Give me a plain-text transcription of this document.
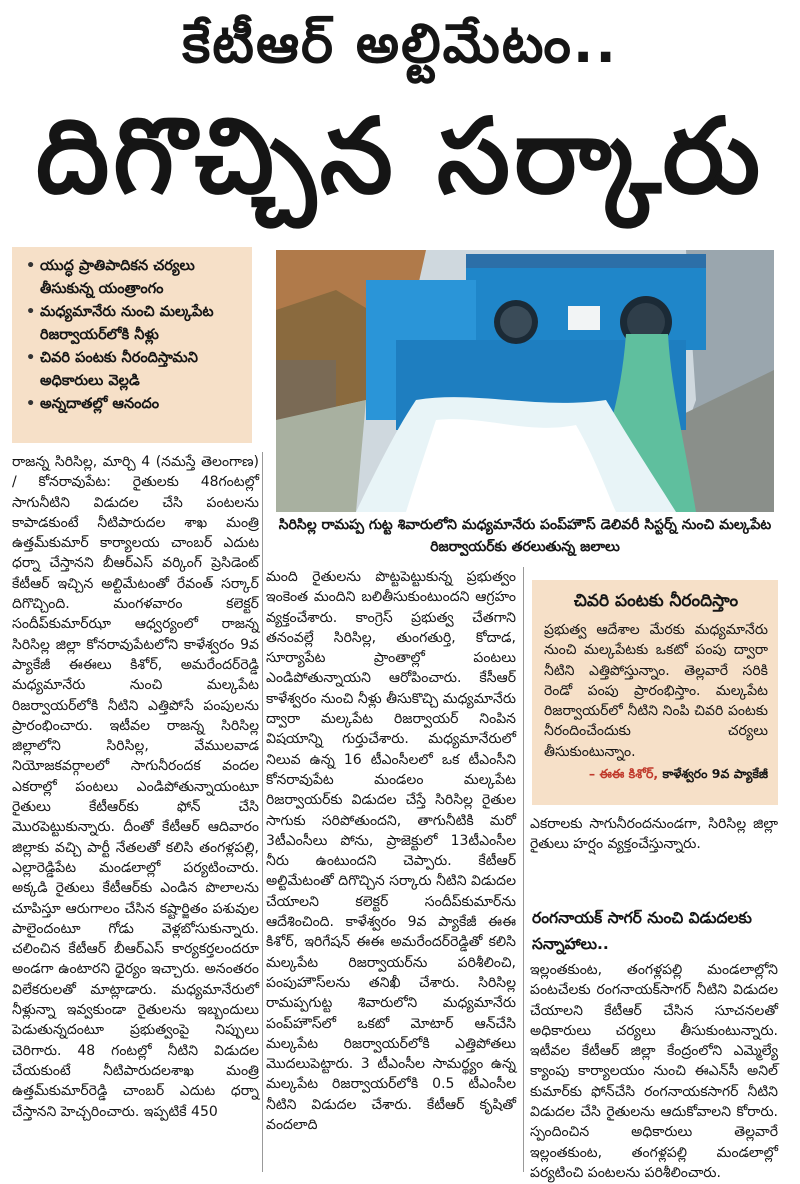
కేటీఆర్ అల్టిమేటం..
దిగొచ్చిన సర్కారు
• యుద్ధ ప్రాతిపాదికన చర్యలు తీసుకున్న యంత్రాంగం
• మధ్యమానేరు నుంచి మల్కపేట రిజర్వాయర్‌లోకి నీళ్లు
• చివరి పంటకు నీరందిస్తామని అధికారులు వెల్లడి
• అన్నదాతల్లో ఆనందం
సిరిసిల్ల రామప్ప గుట్ట శివారులోని మధ్యమానేరు పంప్‌హౌస్ డెలివరీ సిస్టర్న్ నుంచి మల్కపేట రిజర్వాయర్‌కు తరలుతున్న జలాలు

రాజన్న సిరిసిల్ల, మార్చి 4 (నమస్తే తెలంగాణ) / కోనరావుపేట: రైతులకు 48గంటల్లో సాగునీటిని విడుదల చేసి పంటలను కాపాడకుంటే నీటిపారుదల శాఖ మంత్రి ఉత్తమ్‌కుమార్ కార్యాలయ చాంబర్ ఎదుట ధర్నా చేస్తానని బీఆర్‌ఎస్ వర్కింగ్ ప్రెసిడెంట్ కేటీఆర్ ఇచ్చిన అల్టిమేటంతో రేవంత్ సర్కార్ దిగొచ్చింది. మంగళవారం కలెక్టర్ సందీప్‌కుమార్‌ఝా ఆధ్వర్యంలో రాజన్న సిరిసిల్ల జిల్లా కోనరావుపేటలోని కాళేశ్వరం 9వ ప్యాకేజీ ఈఈలు కిశోర్, అమరేందర్‌రెడ్డి మధ్యమానేరు నుంచి మల్కపేట రిజర్వాయర్‌లోకి నీటిని ఎత్తిపోసే పంపులను ప్రారంభించారు. ఇటీవల రాజన్న సిరిసిల్ల జిల్లాలోని సిరిసిల్ల, వేములవాడ నియోజకవర్గాలలో సాగునీరందక వందల ఎకరాల్లో పంటలు ఎండిపోతున్నాయంటూ రైతులు కేటీఆర్‌కు ఫోన్ చేసి మొరపెట్టుకున్నారు. దీంతో కేటీఆర్ ఆదివారం జిల్లాకు వచ్చి పార్టీ నేతలతో కలిసి తంగళ్లపల్లి, ఎల్లారెడ్డిపేట మండలాల్లో పర్యటించారు. అక్కడి రైతులు కేటీఆర్‌కు ఎండిన పొలాలను చూపిస్తూ ఆరుగాలం చేసిన కష్టార్జితం పశువుల పాలైందంటూ గోడు వెళ్లబోసుకున్నారు. చలించిన కేటీఆర్ బీఆర్‌ఎస్ కార్యకర్తలందరూ అండగా ఉంటారని ధైర్యం ఇచ్చారు. అనంతరం విలేకరులతో మాట్లాడారు. మధ్యమానేరులో నీళ్లున్నా ఇవ్వకుండా రైతులను ఇబ్బందులు పెడుతున్నదంటూ ప్రభుత్వంపై నిప్పులు చెరిగారు. 48 గంటల్లో నీటిని విడుదల చేయకుంటే నీటిపారుదలశాఖ మంత్రి ఉత్తమ్‌కుమార్‌రెడ్డి చాంబర్ ఎదుట ధర్నా చేస్తానని హెచ్చరించారు. ఇప్పటికే 450

మంది రైతులను పొట్టపెట్టుకున్న ప్రభుత్వం ఇంకెంత మందిని బలితీసుకుంటుందని ఆగ్రహం వ్యక్తంచేశారు. కాంగ్రెస్ ప్రభుత్వ చేతగాని తనంవల్లే సిరిసిల్ల, తుంగతుర్తి, కోదాడ, సూర్యాపేట ప్రాంతాల్లో పంటలు ఎండిపోతున్నాయని ఆరోపించారు. కేసీఆర్ కాళేశ్వరం నుంచి నీళ్లు తీసుకొచ్చి మధ్యమానేరు ద్వారా మల్కపేట రిజర్వాయర్ నింపిన విషయాన్ని గుర్తుచేశారు. మధ్యమానేరులో నిలువ ఉన్న 16 టీఎంసీలలో ఒక టీఎంసీని కోనరావుపేట మండలం మల్కపేట రిజర్వాయర్‌కు విడుదల చేస్తే సిరిసిల్ల రైతుల సాగుకు సరిపోతుందని, తాగునీటికి మరో 3టీఎంసీలు పోను, ప్రాజెక్టులో 13టీఎంసీల నీరు ఉంటుందని చెప్పారు. కేటీఆర్ అల్టిమేటంతో దిగొచ్చిన సర్కారు నీటిని విడుదల చేయాలని కలెక్టర్ సందీప్‌కుమార్‌ను ఆదేశించింది. కాళేశ్వరం 9వ ప్యాకేజీ ఈఈ కిశోర్, ఇరిగేషన్ ఈఈ అమరేందర్‌రెడ్డితో కలిసి మల్కపేట రిజర్వాయర్‌ను పరిశీలించి, పంపుహౌస్‌లను తనిఖీ చేశారు. సిరిసిల్ల రామప్పగుట్ట శివారులోని మధ్యమానేరు పంప్‌హౌస్‌లో ఒకటో మోటార్ ఆన్‌చేసి మల్కపేట రిజర్వాయర్‌లోకి ఎత్తిపోతలు మొదలుపెట్టారు. 3 టీఎంసీల సామర్థ్యం ఉన్న మల్కపేట రిజర్వాయర్‌లోకి 0.5 టీఎంసీల నీటిని విడుదల చేశారు. కేటీఆర్ కృషితో వందలాది

చివరి పంటకు నీరందిస్తాం

ప్రభుత్వ ఆదేశాల మేరకు మధ్యమానేరు నుంచి మల్కపేటకు ఒకటో పంపు ద్వారా నీటిని ఎత్తిపోస్తున్నాం. తెల్లవారే సరికి రెండో పంపు ప్రారంభిస్తాం. మల్కపేట రిజర్వాయర్‌లో నీటిని నింపి చివరి పంటకు నీరందించేందుకు చర్యలు తీసుకుంటున్నాం.

– ఈఈ కిశోర్, కాళేశ్వరం 9వ ప్యాకేజీ

ఎకరాలకు సాగునీరందనుండగా, సిరిసిల్ల జిల్లా రైతులు హర్షం వ్యక్తంచేస్తున్నారు.

రంగనాయక్ సాగర్ నుంచి విడుదలకు సన్నాహాలు..

ఇల్లంతకుంట, తంగళ్లపల్లి మండలాల్లోని పంటచేలకు రంగనాయక్‌సాగర్ నీటిని విడుదల చేయాలని కేటీఆర్ చేసిన సూచనలతో అధికారులు చర్యలు తీసుకుంటున్నారు. ఇటీవల కేటీఆర్ జిల్లా కేంద్రంలోని ఎమ్మెల్యే క్యాంపు కార్యాలయం నుంచి ఈఎన్‌సీ అనిల్ కుమార్‌కు ఫోన్‌చేసి రంగనాయకసాగర్ నీటిని విడుదల చేసి రైతులను ఆదుకోవాలని కోరారు. స్పందించిన అధికారులు తెల్లవారే ఇల్లంతకుంట, తంగళ్లపల్లి మండలాల్లో పర్యటించి పంటలను పరిశీలించారు.
